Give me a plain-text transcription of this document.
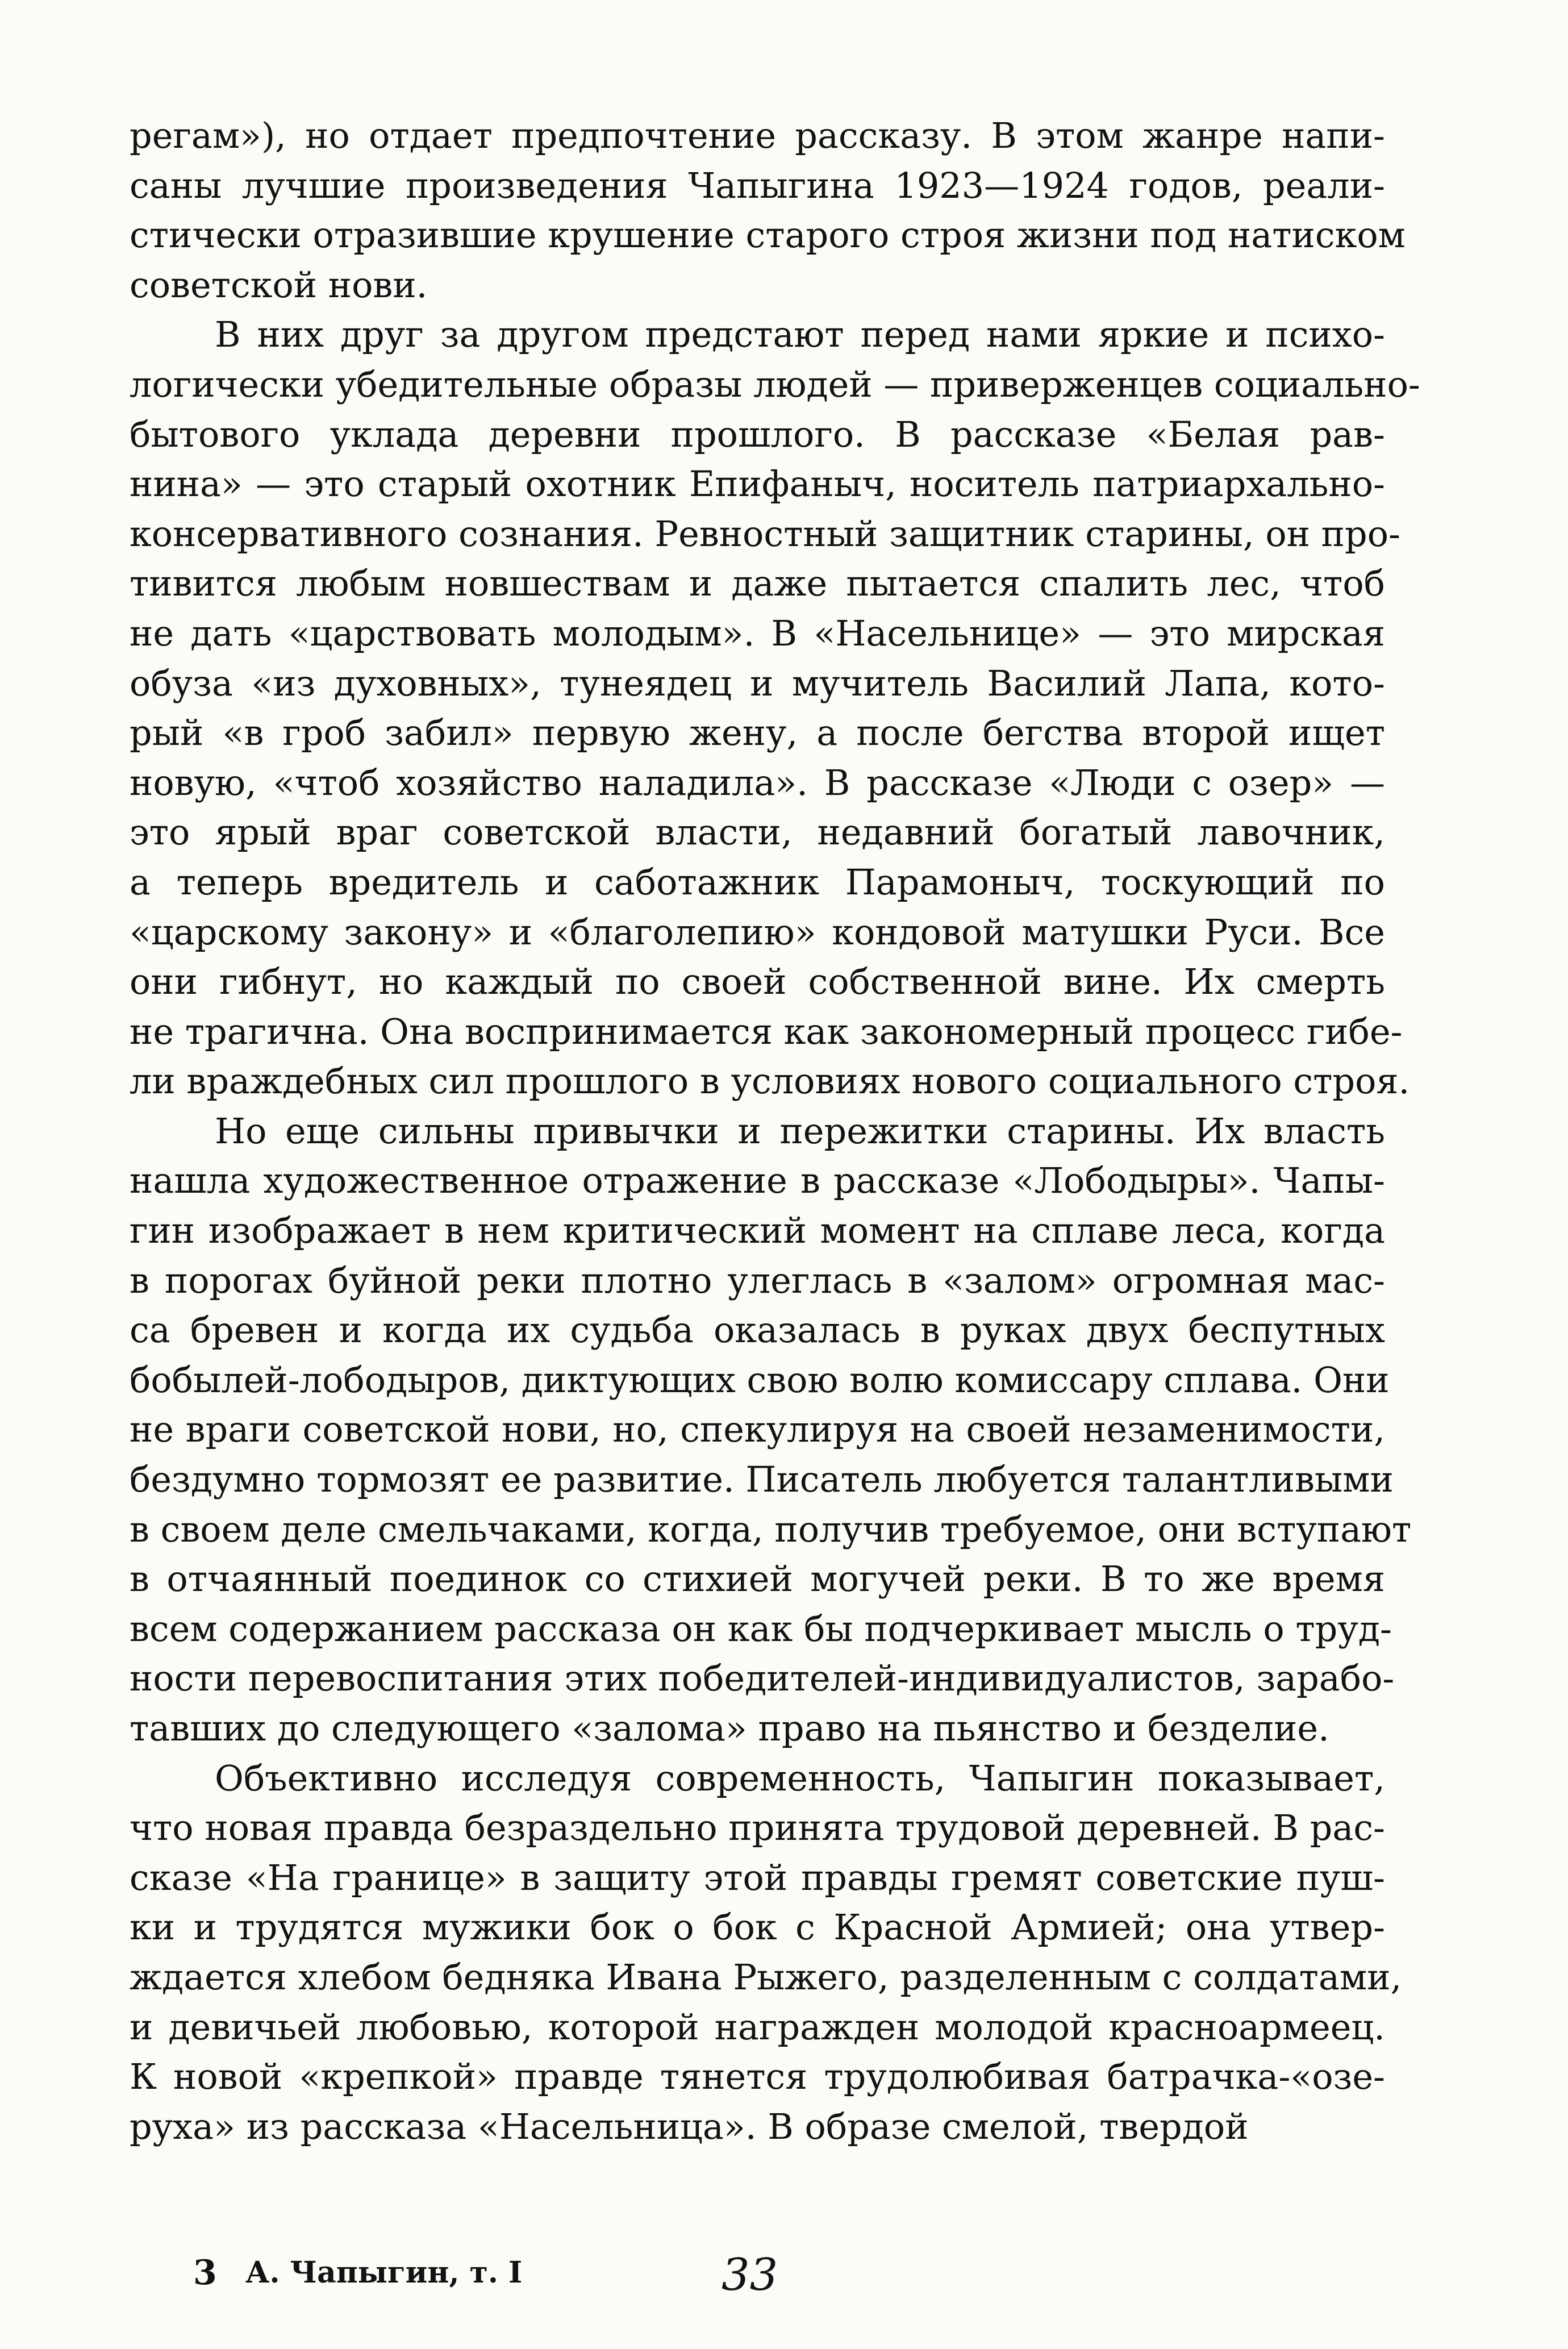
регам»), но отдает предпочтение рассказу. В этом жанре напи-
саны лучшие произведения Чапыгина 1923—1924 годов, реали-
стически отразившие крушение старого строя жизни под натиском
советской нови.
В них друг за другом предстают перед нами яркие и психо-
логически убедительные образы людей — приверженцев социально-
бытового уклада деревни прошлого. В рассказе «Белая рав-
нина» — это старый охотник Епифаныч, носитель патриархально-
консервативного сознания. Ревностный защитник старины, он про-
тивится любым новшествам и даже пытается спалить лес, чтоб
не дать «царствовать молодым». В «Насельнице» — это мирская
обуза «из духовных», тунеядец и мучитель Василий Лапа, кото-
рый «в гроб забил» первую жену, а после бегства второй ищет
новую, «чтоб хозяйство наладила». В рассказе «Люди с озер» —
это ярый враг советской власти, недавний богатый лавочник,
а теперь вредитель и саботажник Парамоныч, тоскующий по
«царскому закону» и «благолепию» кондовой матушки Руси. Все
они гибнут, но каждый по своей собственной вине. Их смерть
не трагична. Она воспринимается как закономерный процесс гибе-
ли враждебных сил прошлого в условиях нового социального строя.
Но еще сильны привычки и пережитки старины. Их власть
нашла художественное отражение в рассказе «Лободыры». Чапы-
гин изображает в нем критический момент на сплаве леса, когда
в порогах буйной реки плотно улеглась в «залом» огромная мас-
са бревен и когда их судьба оказалась в руках двух беспутных
бобылей-лободыров, диктующих свою волю комиссару сплава. Они
не враги советской нови, но, спекулируя на своей незаменимости,
бездумно тормозят ее развитие. Писатель любуется талантливыми
в своем деле смельчаками, когда, получив требуемое, они вступают
в отчаянный поединок со стихией могучей реки. В то же время
всем содержанием рассказа он как бы подчеркивает мысль о труд-
ности перевоспитания этих победителей-индивидуалистов, зарабо-
тавших до следующего «залома» право на пьянство и безделие.
Объективно исследуя современность, Чапыгин показывает,
что новая правда безраздельно принята трудовой деревней. В рас-
сказе «На границе» в защиту этой правды гремят советские пуш-
ки и трудятся мужики бок о бок с Красной Армией; она утвер-
ждается хлебом бедняка Ивана Рыжего, разделенным с солдатами,
и девичьей любовью, которой награжден молодой красноармеец.
К новой «крепкой» правде тянется трудолюбивая батрачка-«озе-
руха» из рассказа «Насельница». В образе смелой, твердой
3 А. Чапыгин, т. I	33
